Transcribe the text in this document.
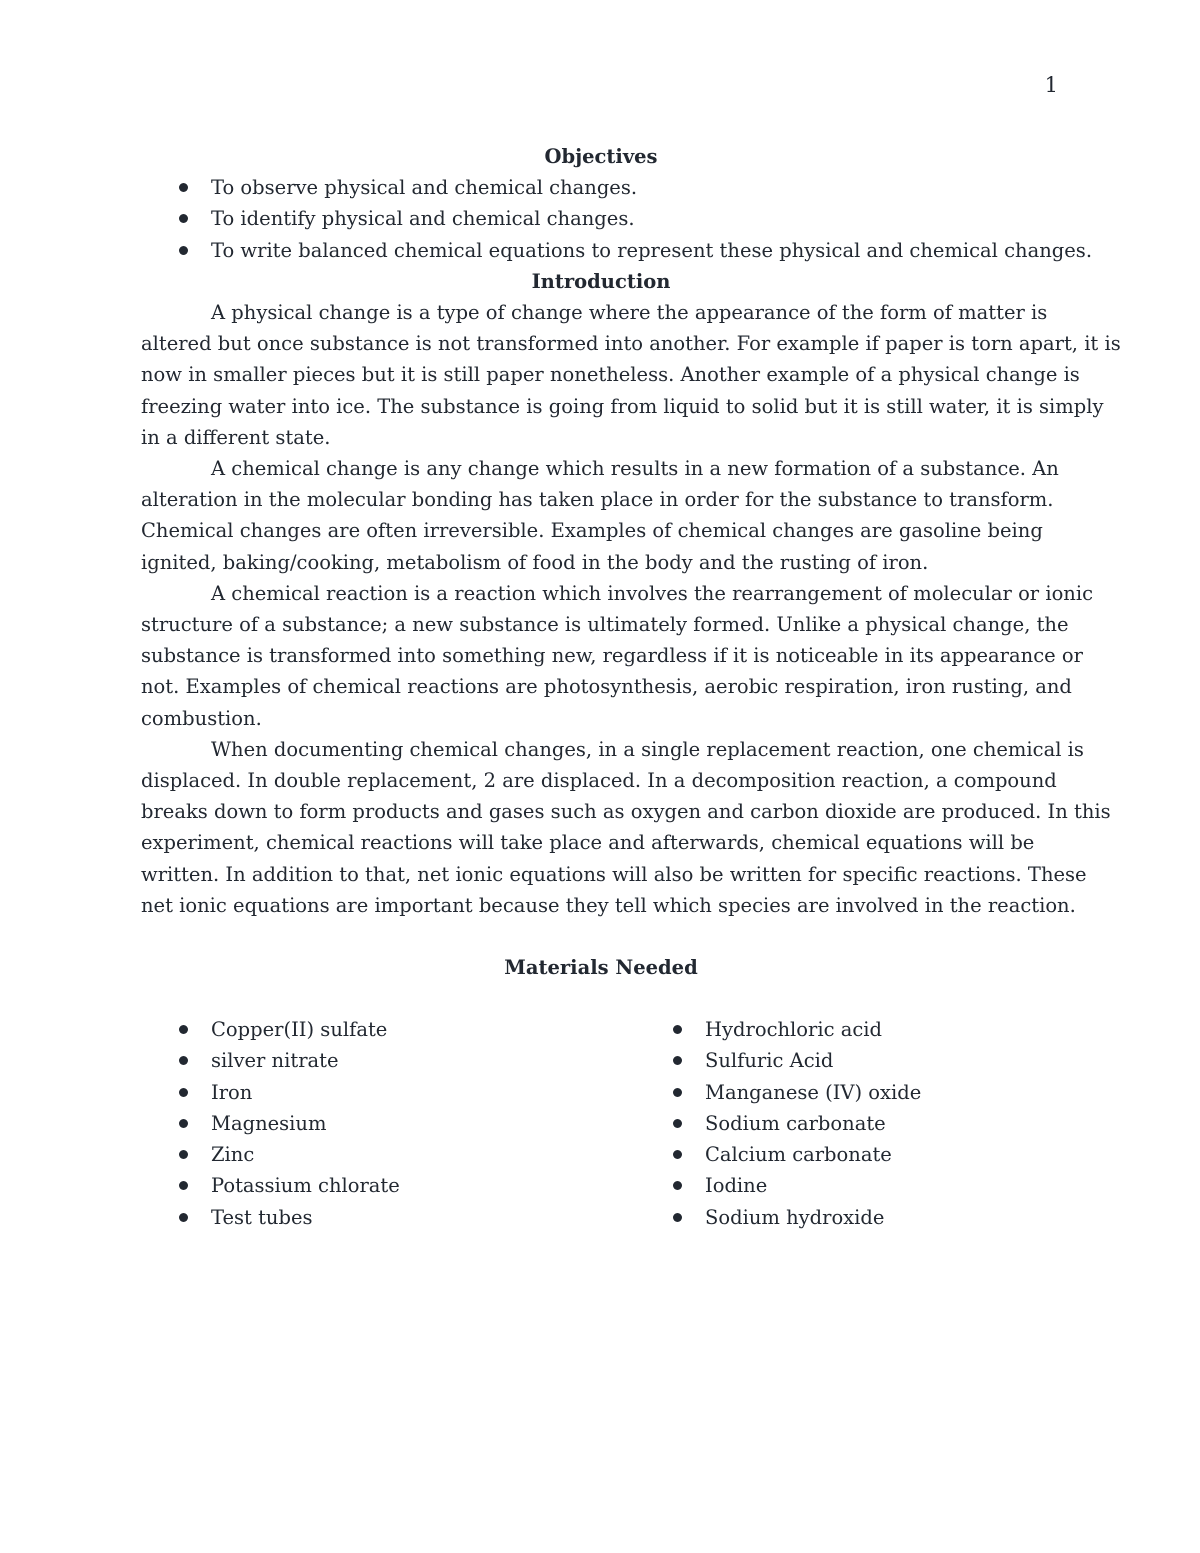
1
Objectives
To observe physical and chemical changes.
To identify physical and chemical changes.
To write balanced chemical equations to represent these physical and chemical changes.
Introduction

A physical change is a type of change where the appearance of the form of matter is
altered but once substance is not transformed into another. For example if paper is torn apart, it is
now in smaller pieces but it is still paper nonetheless. Another example of a physical change is
freezing water into ice. The substance is going from liquid to solid but it is still water, it is simply
in a different state.

A chemical change is any change which results in a new formation of a substance. An
alteration in the molecular bonding has taken place in order for the substance to transform.
Chemical changes are often irreversible. Examples of chemical changes are gasoline being
ignited, baking/cooking, metabolism of food in the body and the rusting of iron.

A chemical reaction is a reaction which involves the rearrangement of molecular or ionic
structure of a substance; a new substance is ultimately formed. Unlike a physical change, the
substance is transformed into something new, regardless if it is noticeable in its appearance or
not. Examples of chemical reactions are photosynthesis, aerobic respiration, iron rusting, and
combustion.

When documenting chemical changes, in a single replacement reaction, one chemical is
displaced. In double replacement, 2 are displaced. In a decomposition reaction, a compound
breaks down to form products and gases such as oxygen and carbon dioxide are produced. In this
experiment, chemical reactions will take place and afterwards, chemical equations will be
written. In addition to that, net ionic equations will also be written for specific reactions. These
net ionic equations are important because they tell which species are involved in the reaction.

Materials Needed
Copper(II) sulfate
silver nitrate
Iron
Magnesium
Zinc
Potassium chlorate
Test tubes
Hydrochloric acid
Sulfuric Acid
Manganese (IV) oxide
Sodium carbonate
Calcium carbonate
Iodine
Sodium hydroxide
